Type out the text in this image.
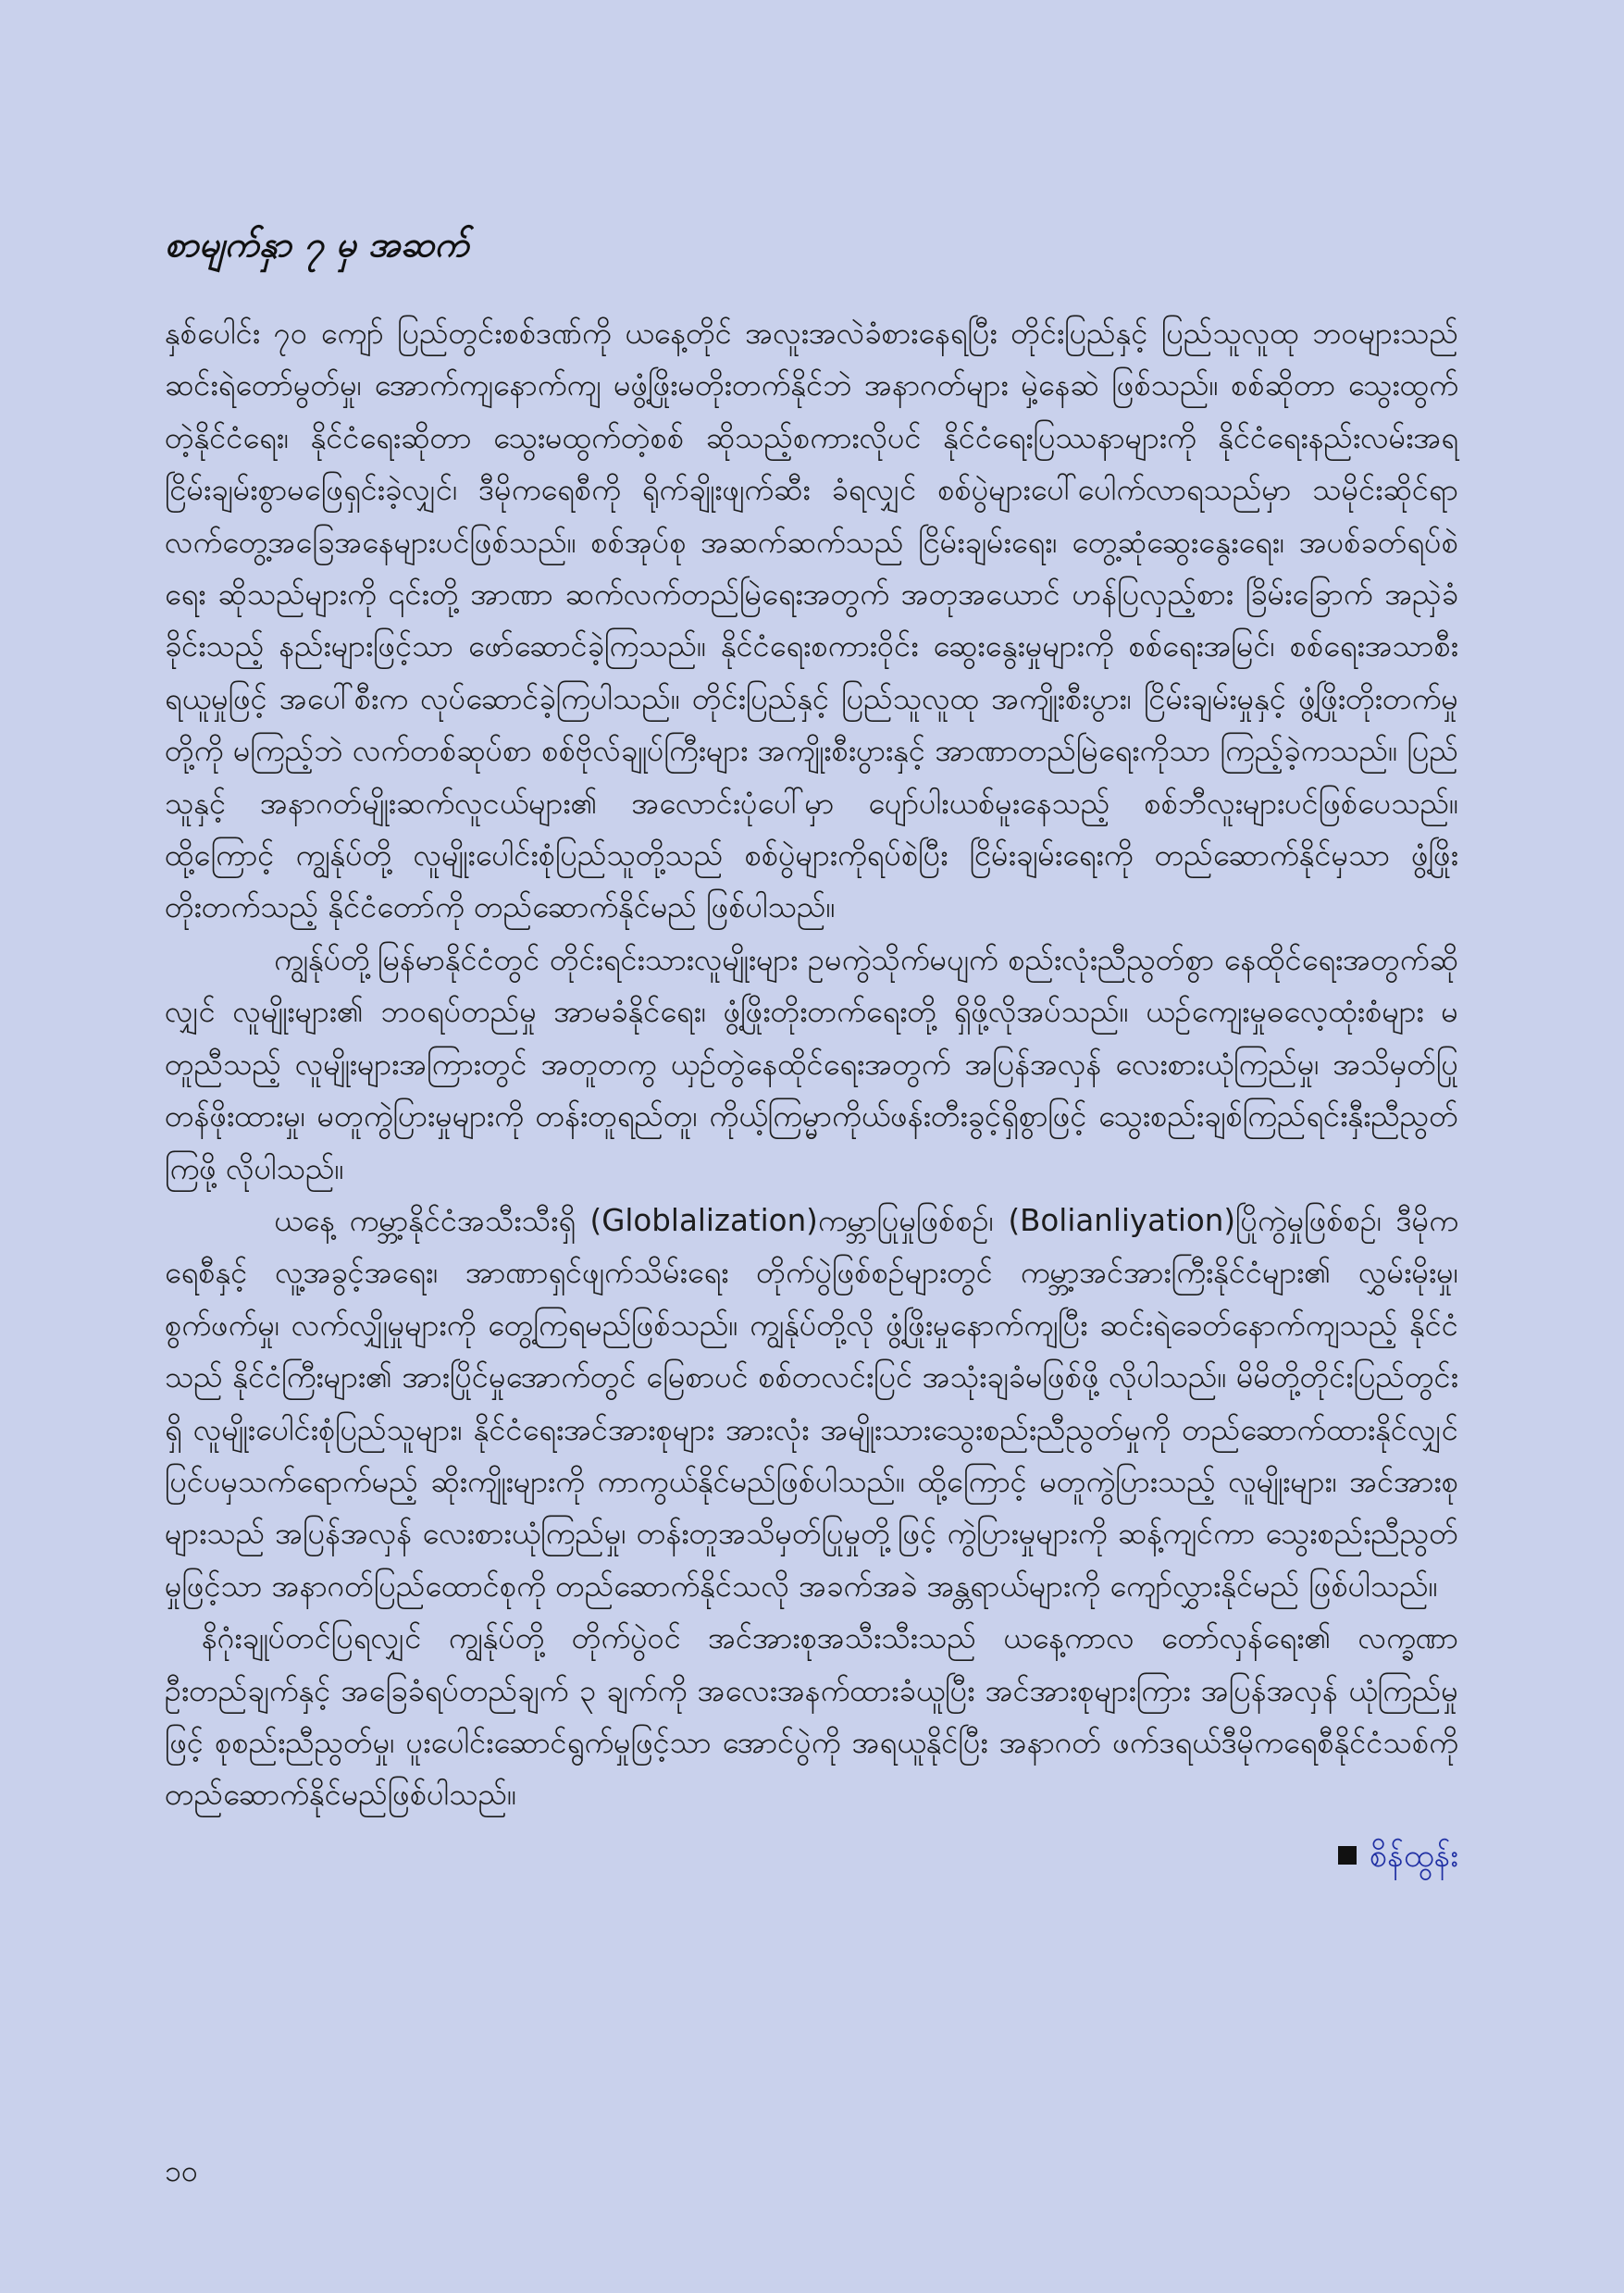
စာမျက်နှာ ၇ မှ အဆက်

နှစ်ပေါင်း ၇၀ ကျော် ပြည်တွင်းစစ်ဒဏ်ကို ယနေ့တိုင် အလူးအလဲခံစားနေရပြီး တိုင်းပြည်နှင့် ပြည်သူလူထု ဘဝများသည် ဆင်းရဲတော်မွတ်မှု၊ အောက်ကျနောက်ကျ မဖွံ့ဖြိုးမတိုးတက်နိုင်ဘဲ အနာဂတ်များ မှဲ့နေဆဲ ဖြစ်သည်။ စစ်ဆိုတာ သွေးထွက်တဲ့နိုင်ငံရေး၊ နိုင်ငံရေးဆိုတာ သွေးမထွက်တဲ့စစ် ဆိုသည့်စကားလိုပင် နိုင်ငံရေးပြဿနာများကို နိုင်ငံရေးနည်းလမ်းအရ ငြိမ်းချမ်းစွာမဖြေရှင်းခဲ့လျှင်၊ ဒီမိုကရေစီကို ရိုက်ချိုးဖျက်ဆီး ခံရလျှင် စစ်ပွဲများပေါ်ပေါက်လာရသည်မှာ သမိုင်းဆိုင်ရာ လက်တွေ့အခြေအနေများပင်ဖြစ်သည်။ စစ်အုပ်စု အဆက်ဆက်သည် ငြိမ်းချမ်းရေး၊ တွေ့ဆုံဆွေးနွေးရေး၊ အပစ်ခတ်ရပ်စဲရေး ဆိုသည်များကို ၎င်းတို့ အာဏာ ဆက်လက်တည်မြဲရေးအတွက် အတုအယောင် ဟန်ပြလှည့်စား ခြိမ်းခြောက် အညှဲခံ ခိုင်းသည့် နည်းများဖြင့်သာ ဖော်ဆောင်ခဲ့ကြသည်။ နိုင်ငံရေးစကားဝိုင်း ဆွေးနွေးမှုများကို စစ်ရေးအမြင်၊ စစ်ရေးအသာစီးရယူမှုဖြင့် အပေါ်စီးက လုပ်ဆောင်ခဲ့ကြပါသည်။ တိုင်းပြည်နှင့် ပြည်သူလူထု အကျိုးစီးပွား၊ ငြိမ်းချမ်းမှုနှင့် ဖွံ့ဖြိုးတိုးတက်မှုတို့ကို မကြည့်ဘဲ လက်တစ်ဆုပ်စာ စစ်ဗိုလ်ချုပ်ကြီးများ အကျိုးစီးပွားနှင့် အာဏာတည်မြဲရေးကိုသာ ကြည့်ခဲ့ကသည်။ ပြည်သူနှင့် အနာဂတ်မျိုးဆက်လူငယ်များ၏ အလောင်းပုံပေါ်မှာ ပျော်ပါးယစ်မူးနေသည့် စစ်ဘီလူးများပင်ဖြစ်ပေသည်။ ထို့ကြောင့် ကျွန်ုပ်တို့ လူမျိုးပေါင်းစုံပြည်သူတို့သည် စစ်ပွဲများကိုရပ်စဲပြီး ငြိမ်းချမ်းရေးကို တည်ဆောက်နိုင်မှသာ ဖွံ့ဖြိုးတိုးတက်သည့် နိုင်ငံတော်ကို တည်ဆောက်နိုင်မည် ဖြစ်ပါသည်။

ကျွန်ုပ်တို့မြန်မာနိုင်ငံတွင် တိုင်းရင်းသားလူမျိုးများ ဥမကွဲသိုက်မပျက် စည်းလုံးညီညွတ်စွာ နေထိုင်ရေးအတွက်ဆိုလျှင် လူမျိုးများ၏ ဘဝရပ်တည်မှု အာမခံနိုင်ရေး၊ ဖွံ့ဖြိုးတိုးတက်ရေးတို့ ရှိဖို့လိုအပ်သည်။ ယဉ်ကျေးမှုဓလေ့ထုံးစံများ မတူညီသည့် လူမျိုးများအကြားတွင် အတူတကွ ယှဉ်တွဲနေထိုင်ရေးအတွက် အပြန်အလှန် လေးစားယုံကြည်မှု၊ အသိမှတ်ပြုတန်ဖိုးထားမှု၊ မတူကွဲပြားမှုများကို တန်းတူရည်တူ၊ ကိုယ့်ကြမ္မာကိုယ်ဖန်းတီးခွင့်ရှိစွာဖြင့် သွေးစည်းချစ်ကြည်ရင်းနှီးညီညွတ်ကြဖို့ လိုပါသည်။

ယနေ့ ကမ္ဘာ့နိုင်ငံအသီးသီးရှိ (Globlalization)ကမ္ဘာပြုမှုဖြစ်စဉ်၊ (Bolianliyation)ပြိုကွဲမှုဖြစ်စဉ်၊ ဒီမိုကရေစီနှင့် လူ့အခွင့်အရေး၊ အာဏာရှင်ဖျက်သိမ်းရေး တိုက်ပွဲဖြစ်စဉ်များတွင် ကမ္ဘာ့အင်အားကြီးနိုင်ငံများ၏ လွှမ်းမိုးမှု၊ စွက်ဖက်မှု၊ လက်လျှိုမှုများကို တွေ့ကြရမည်ဖြစ်သည်။ ကျွန်ုပ်တို့လို ဖွံ့ဖြိုးမှုနောက်ကျပြီး ဆင်းရဲခေတ်နောက်ကျသည့် နိုင်ငံသည် နိုင်ငံကြီးများ၏ အားပြိုင်မှုအောက်တွင် မြေစာပင် စစ်တလင်းပြင် အသုံးချခံမဖြစ်ဖို့ လိုပါသည်။ မိမိတို့တိုင်းပြည်တွင်းရှိ လူမျိုးပေါင်းစုံပြည်သူများ၊ နိုင်ငံရေးအင်အားစုများ အားလုံး အမျိုးသားသွေးစည်းညီညွတ်မှုကို တည်ဆောက်ထားနိုင်လျှင် ပြင်ပမှသက်ရောက်မည့် ဆိုးကျိုးများကို ကာကွယ်နိုင်မည်ဖြစ်ပါသည်။ ထို့ကြောင့် မတူကွဲပြားသည့် လူမျိုးများ၊ အင်အားစုများသည် အပြန်အလှန် လေးစားယုံကြည်မှု၊ တန်းတူအသိမှတ်ပြုမှုတို့ဖြင့် ကွဲပြားမှုများကို ဆန့်ကျင်ကာ သွေးစည်းညီညွတ်မှုဖြင့်သာ အနာဂတ်ပြည်ထောင်စုကို တည်ဆောက်နိုင်သလို အခက်အခဲ အန္တရာယ်များကို ကျော်လွှားနိုင်မည် ဖြစ်ပါသည်။

နိဂုံးချုပ်တင်ပြရလျှင် ကျွန်ုပ်တို့ တိုက်ပွဲဝင် အင်အားစုအသီးသီးသည် ယနေ့ကာလ တော်လှန်ရေး၏ လက္ခဏာ ဦးတည်ချက်နှင့် အခြေခံရပ်တည်ချက် ၃ ချက်ကို အလေးအနက်ထားခံယူပြီး အင်အားစုများကြား အပြန်အလှန် ယုံကြည်မှုဖြင့် စုစည်းညီညွတ်မှု၊ ပူးပေါင်းဆောင်ရွက်မှုဖြင့်သာ အောင်ပွဲကို အရယူနိုင်ပြီး အနာဂတ် ဖက်ဒရယ်ဒီမိုကရေစီနိုင်ငံသစ်ကို တည်ဆောက်နိုင်မည်ဖြစ်ပါသည်။

စိန်ထွန်း
၁၀
